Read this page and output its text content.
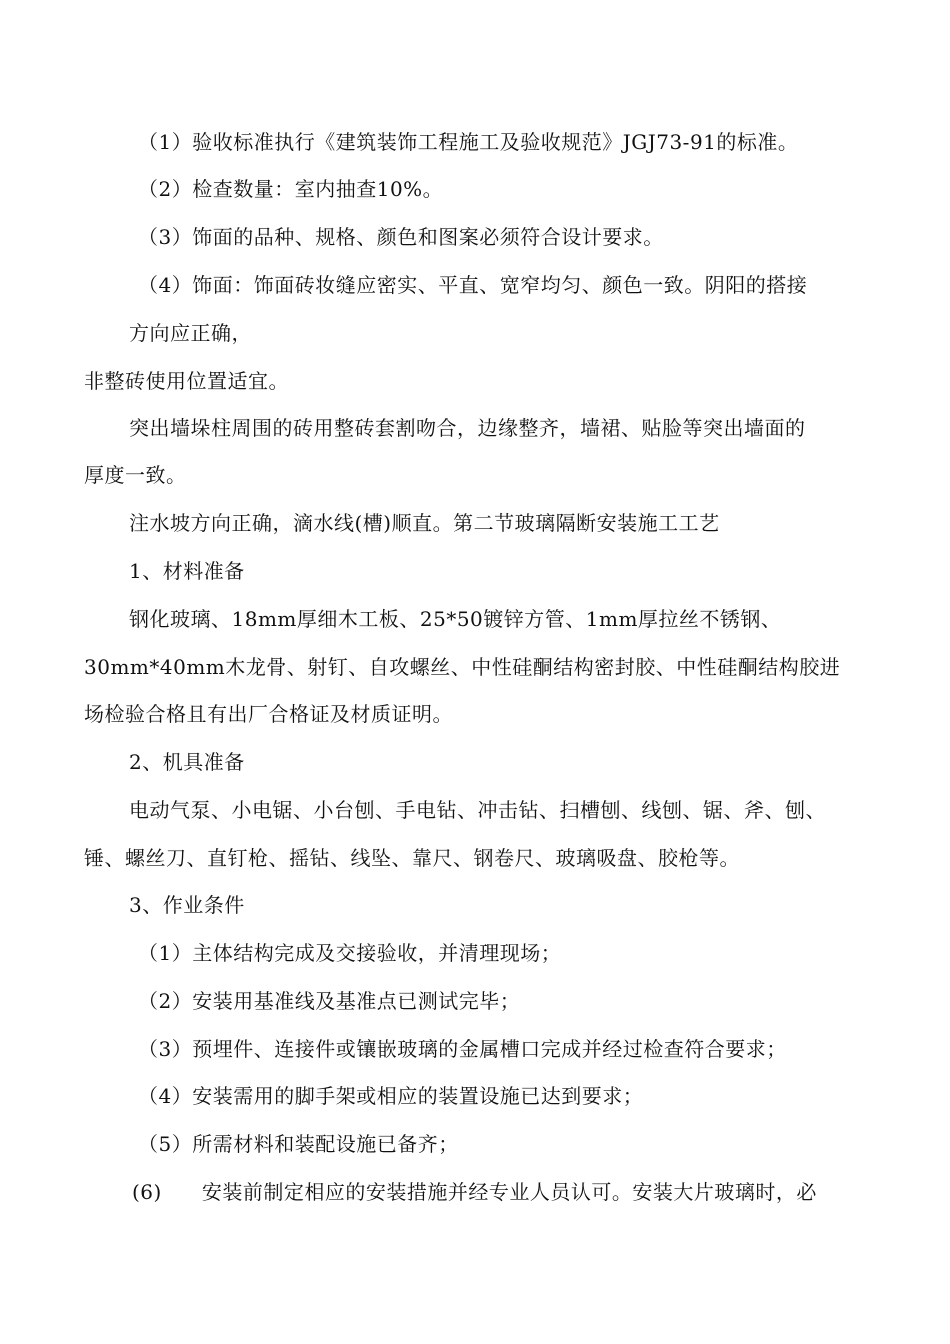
（1）验收标准执行《建筑装饰工程施工及验收规范》JGJ73-91的标准。
（2）检查数量：室内抽查10%。
（3）饰面的品种、规格、颜色和图案必须符合设计要求。
（4）饰面：饰面砖妆缝应密实、平直、宽窄均匀、颜色一致。阴阳的搭接
方向应正确，
非整砖使用位置适宜。
突出墙垛柱周围的砖用整砖套割吻合，边缘整齐，墙裙、贴脸等突出墙面的
厚度一致。
注水坡方向正确，滴水线(槽)顺直。第二节玻璃隔断安装施工工艺
1、材料准备
钢化玻璃、18mm厚细木工板、25*50镀锌方管、1mm厚拉丝不锈钢、
30mm*40mm木龙骨、射钉、自攻螺丝、中性硅酮结构密封胶、中性硅酮结构胶进
场检验合格且有出厂合格证及材质证明。
2、机具准备
电动气泵、小电锯、小台刨、手电钻、冲击钻、扫槽刨、线刨、锯、斧、刨、
锤、螺丝刀、直钉枪、摇钻、线坠、靠尺、钢卷尺、玻璃吸盘、胶枪等。
3、作业条件
（1）主体结构完成及交接验收，并清理现场；
（2）安装用基准线及基准点已测试完毕；
（3）预埋件、连接件或镶嵌玻璃的金属槽口完成并经过检查符合要求；
（4）安装需用的脚手架或相应的装置设施已达到要求；
（5）所需材料和装配设施已备齐；
(6) 安装前制定相应的安装措施并经专业人员认可。安装大片玻璃时，必
